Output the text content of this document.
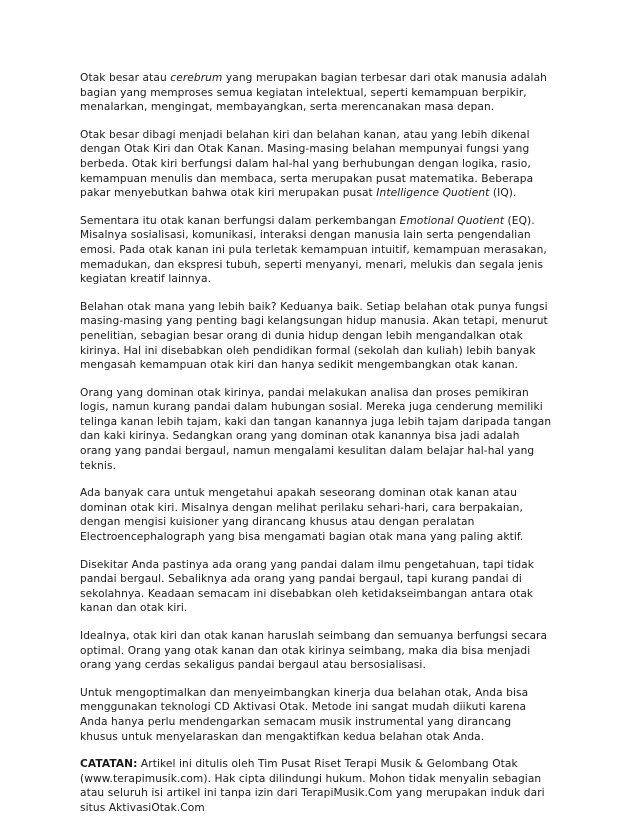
Otak besar atau cerebrum yang merupakan bagian terbesar dari otak manusia adalah bagian yang memproses semua kegiatan intelektual, seperti kemampuan berpikir, menalarkan, mengingat, membayangkan, serta merencanakan masa depan.

Otak besar dibagi menjadi belahan kiri dan belahan kanan, atau yang lebih dikenal dengan Otak Kiri dan Otak Kanan. Masing-masing belahan mempunyai fungsi yang berbeda. Otak kiri berfungsi dalam hal-hal yang berhubungan dengan logika, rasio, kemampuan menulis dan membaca, serta merupakan pusat matematika. Beberapa pakar menyebutkan bahwa otak kiri merupakan pusat Intelligence Quotient (IQ).

Sementara itu otak kanan berfungsi dalam perkembangan Emotional Quotient (EQ). Misalnya sosialisasi, komunikasi, interaksi dengan manusia lain serta pengendalian emosi. Pada otak kanan ini pula terletak kemampuan intuitif, kemampuan merasakan, memadukan, dan ekspresi tubuh, seperti menyanyi, menari, melukis dan segala jenis kegiatan kreatif lainnya.

Belahan otak mana yang lebih baik? Keduanya baik. Setiap belahan otak punya fungsi masing-masing yang penting bagi kelangsungan hidup manusia. Akan tetapi, menurut penelitian, sebagian besar orang di dunia hidup dengan lebih mengandalkan otak kirinya. Hal ini disebabkan oleh pendidikan formal (sekolah dan kuliah) lebih banyak mengasah kemampuan otak kiri dan hanya sedikit mengembangkan otak kanan.

Orang yang dominan otak kirinya, pandai melakukan analisa dan proses pemikiran logis, namun kurang pandai dalam hubungan sosial. Mereka juga cenderung memiliki telinga kanan lebih tajam, kaki dan tangan kanannya juga lebih tajam daripada tangan dan kaki kirinya. Sedangkan orang yang dominan otak kanannya bisa jadi adalah orang yang pandai bergaul, namun mengalami kesulitan dalam belajar hal-hal yang teknis.

Ada banyak cara untuk mengetahui apakah seseorang dominan otak kanan atau dominan otak kiri. Misalnya dengan melihat perilaku sehari-hari, cara berpakaian, dengan mengisi kuisioner yang dirancang khusus atau dengan peralatan Electroencephalograph yang bisa mengamati bagian otak mana yang paling aktif.

Disekitar Anda pastinya ada orang yang pandai dalam ilmu pengetahuan, tapi tidak pandai bergaul. Sebaliknya ada orang yang pandai bergaul, tapi kurang pandai di sekolahnya. Keadaan semacam ini disebabkan oleh ketidakseimbangan antara otak kanan dan otak kiri.

Idealnya, otak kiri dan otak kanan haruslah seimbang dan semuanya berfungsi secara optimal. Orang yang otak kanan dan otak kirinya seimbang, maka dia bisa menjadi orang yang cerdas sekaligus pandai bergaul atau bersosialisasi.

Untuk mengoptimalkan dan menyeimbangkan kinerja dua belahan otak, Anda bisa menggunakan teknologi CD Aktivasi Otak. Metode ini sangat mudah diikuti karena Anda hanya perlu mendengarkan semacam musik instrumental yang dirancang khusus untuk menyelaraskan dan mengaktifkan kedua belahan otak Anda.

CATATAN: Artikel ini ditulis oleh Tim Pusat Riset Terapi Musik & Gelombang Otak (www.terapimusik.com). Hak cipta dilindungi hukum. Mohon tidak menyalin sebagian atau seluruh isi artikel ini tanpa izin dari TerapiMusik.Com yang merupakan induk dari situs AktivasiOtak.Com
